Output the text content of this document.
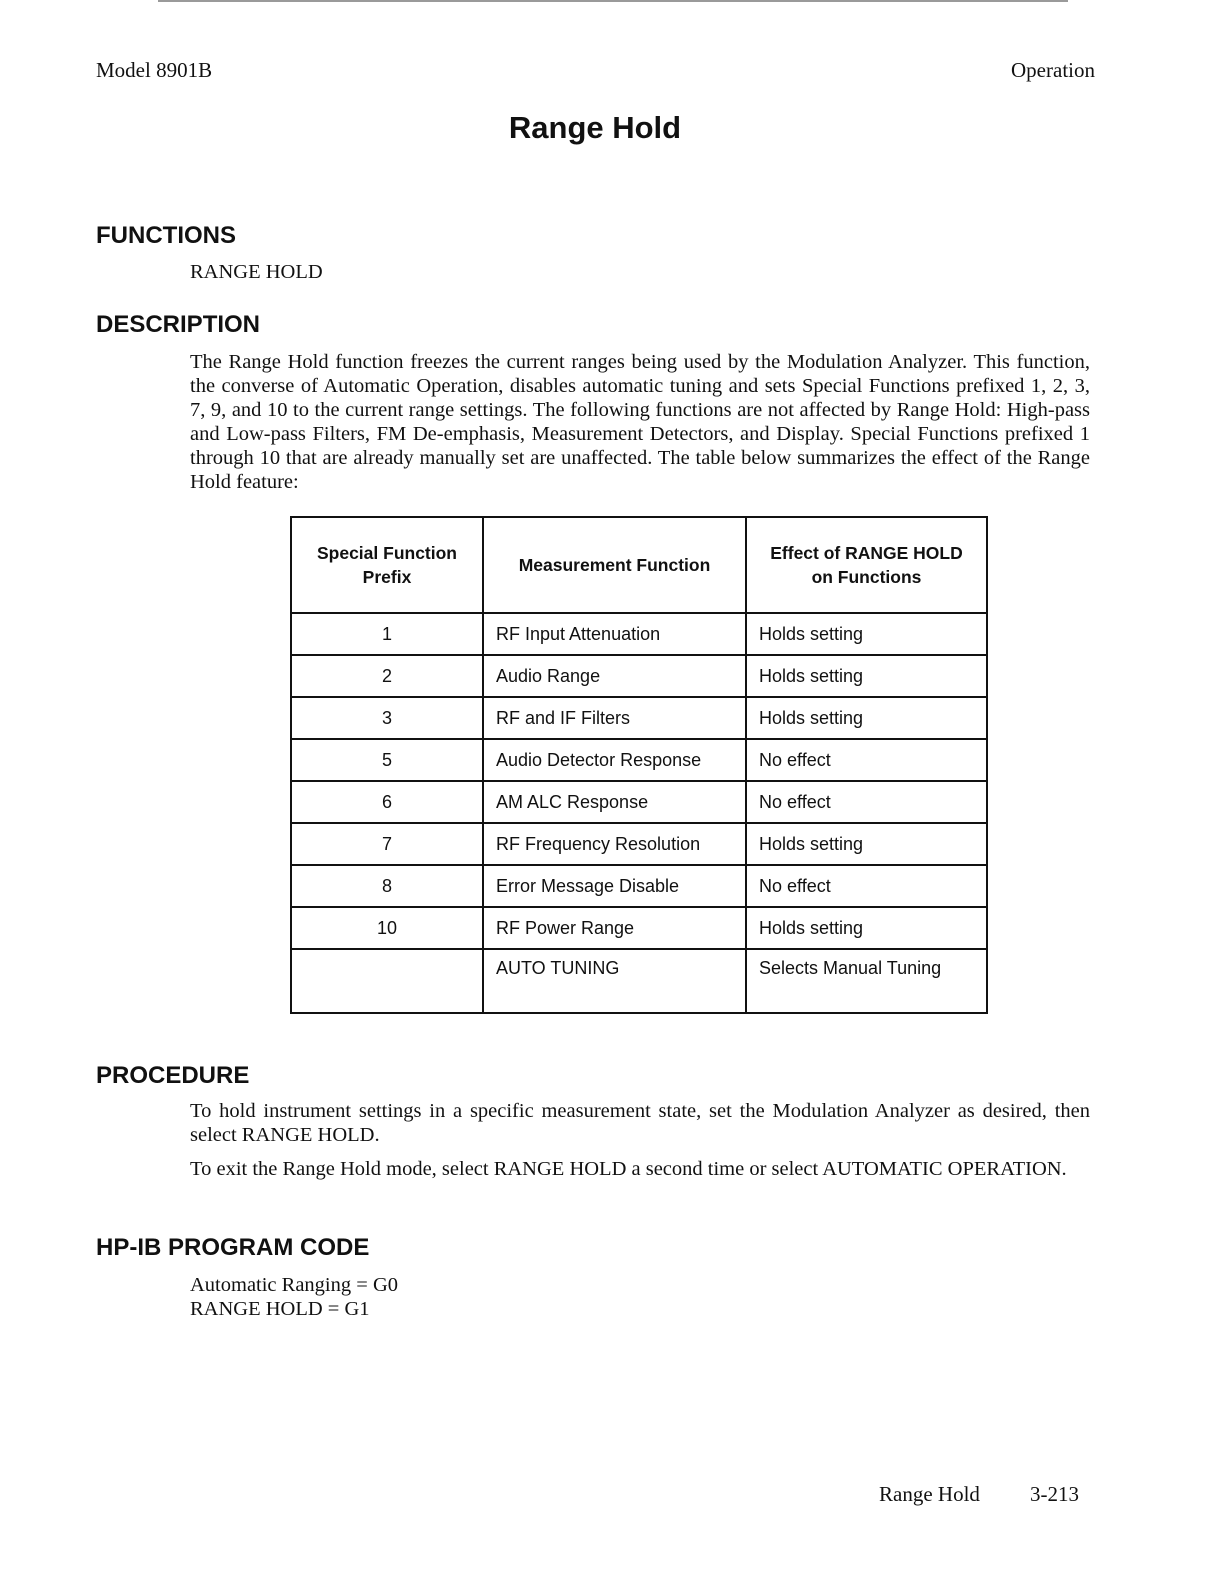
Model 8901B	Operation
Range Hold
FUNCTIONS
RANGE HOLD
DESCRIPTION

The Range Hold function freezes the current ranges being used by the Modulation Analyzer. This function, the converse of Automatic Operation, disables automatic tuning and sets Special Functions prefixed 1, 2, 3, 7, 9, and 10 to the current range settings. The following functions are not affected by Range Hold: High-pass and Low-pass Filters, FM De-emphasis, Measurement Detectors, and Display. Special Functions prefixed 1 through 10 that are already manually set are unaffected. The table below summarizes the effect of the Range Hold feature:

Special Function
Prefix	Measurement Function	Effect of RANGE HOLD
on Functions
1	RF Input Attenuation	Holds setting
2	Audio Range	Holds setting
3	RF and IF Filters	Holds setting
5	Audio Detector Response	No effect
6	AM ALC Response	No effect
7	RF Frequency Resolution	Holds setting
8	Error Message Disable	No effect
10	RF Power Range	Holds setting
	AUTO TUNING	Selects Manual Tuning
PROCEDURE

To hold instrument settings in a specific measurement state, set the Modulation Analyzer as desired, then select RANGE HOLD.

To exit the Range Hold mode, select RANGE HOLD a second time or select AUTOMATIC OPERATION.

HP-IB PROGRAM CODE
Automatic Ranging = G0
RANGE HOLD = G1
Range Hold 3-213
